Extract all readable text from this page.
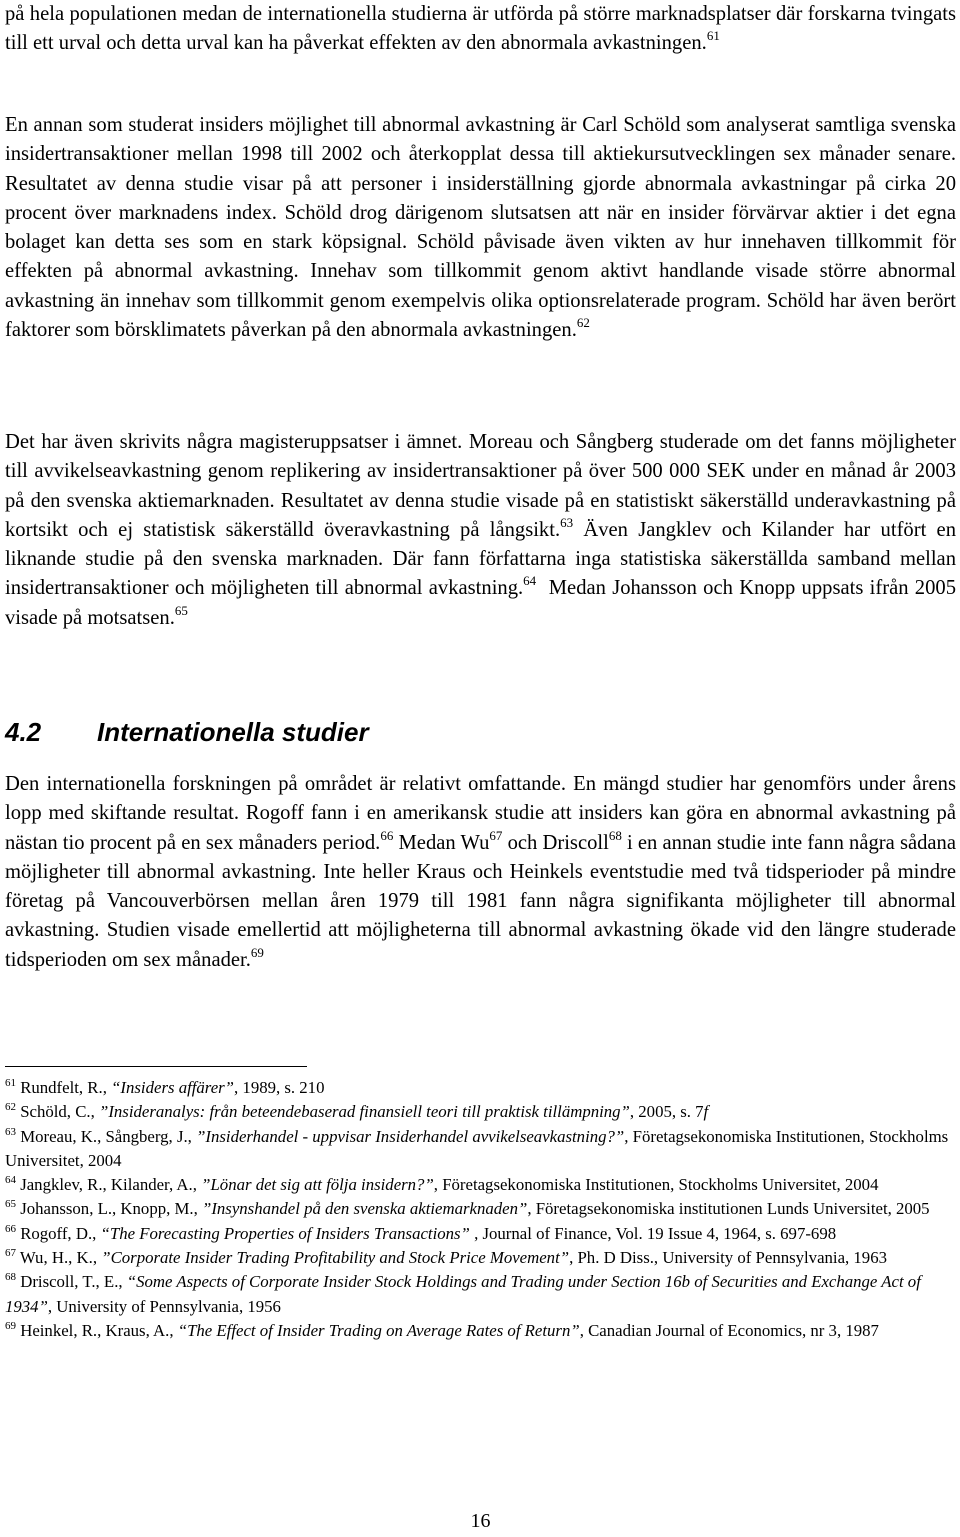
på hela populationen medan de internationella studierna är utförda på större marknadsplatser där forskarna tvingats till ett urval och detta urval kan ha påverkat effekten av den abnormala avkastningen.$^{61}$

En annan som studerat insiders möjlighet till abnormal avkastning är Carl Schöld som analyserat samtliga svenska insidertransaktioner mellan 1998 till 2002 och återkopplat dessa till aktiekursutvecklingen sex månader senare. Resultatet av denna studie visar på att personer i insiderställning gjorde abnormala avkastningar på cirka 20 procent över marknadens index. Schöld drog därigenom slutsatsen att när en insider förvärvar aktier i det egna bolaget kan detta ses som en stark köpsignal. Schöld påvisade även vikten av hur innehaven tillkommit för effekten på abnormal avkastning. Innehav som tillkommit genom aktivt handlande visade större abnormal avkastning än innehav som tillkommit genom exempelvis olika optionsrelaterade program. Schöld har även berört faktorer som börsklimatets påverkan på den abnormala avkastningen.$^{62}$

Det har även skrivits några magisteruppsatser i ämnet. Moreau och Sångberg studerade om det fanns möjligheter till avvikelseavkastning genom replikering av insidertransaktioner på över 500 000 SEK under en månad år 2003 på den svenska aktiemarknaden. Resultatet av denna studie visade på en statistiskt säkerställd underavkastning på kortsikt och ej statistisk säkerställd överavkastning på långsikt.$^{63}$ Även Jangklev och Kilander har utfört en liknande studie på den svenska marknaden. Där fann författarna inga statistiska säkerställda samband mellan insidertransaktioner och möjligheten till abnormal avkastning.$^{64}$  Medan Johansson och Knopp uppsats ifrån 2005 visade på motsatsen.$^{65}$

4.2 Internationella studier

Den internationella forskningen på området är relativt omfattande. En mängd studier har genomförs under årens lopp med skiftande resultat. Rogoff fann i en amerikansk studie att insiders kan göra en abnormal avkastning på nästan tio procent på en sex månaders period.$^{66}$ Medan Wu$^{67}$ och Driscoll$^{68}$ i en annan studie inte fann några sådana möjligheter till abnormal avkastning. Inte heller Kraus och Heinkels eventstudie med två tidsperioder på mindre företag på Vancouverbörsen mellan åren 1979 till 1981 fann några signifikanta möjligheter till abnormal avkastning. Studien visade emellertid att möjligheterna till abnormal avkastning ökade vid den längre studerade tidsperioden om sex månader.$^{69}$

$^{61}$ Rundfelt, R., “Insiders affärer”, 1989, s. 210

$^{62}$ Schöld, C., ”Insideranalys: från beteendebaserad finansiell teori till praktisk tillämpning”, 2005, s. 7f

$^{63}$ Moreau, K., Sångberg, J., ”Insiderhandel - uppvisar Insiderhandel avvikelseavkastning?”, Företagsekonomiska Institutionen, Stockholms Universitet, 2004

$^{64}$ Jangklev, R., Kilander, A., ”Lönar det sig att följa insidern?”, Företagsekonomiska Institutionen, Stockholms Universitet, 2004

$^{65}$ Johansson, L., Knopp, M., ”Insynshandel på den svenska aktiemarknaden”, Företagsekonomiska institutionen Lunds Universitet, 2005

$^{66}$ Rogoff, D., “The Forecasting Properties of Insiders Transactions” , Journal of Finance, Vol. 19 Issue 4, 1964, s. 697-698

$^{67}$ Wu, H., K., ”Corporate Insider Trading Profitability and Stock Price Movement”, Ph. D Diss., University of Pennsylvania, 1963

$^{68}$ Driscoll, T., E., “Some Aspects of Corporate Insider Stock Holdings and Trading under Section 16b of Securities and Exchange Act of 1934”, University of Pennsylvania, 1956

$^{69}$ Heinkel, R., Kraus, A., “The Effect of Insider Trading on Average Rates of Return”, Canadian Journal of Economics, nr 3, 1987

16
